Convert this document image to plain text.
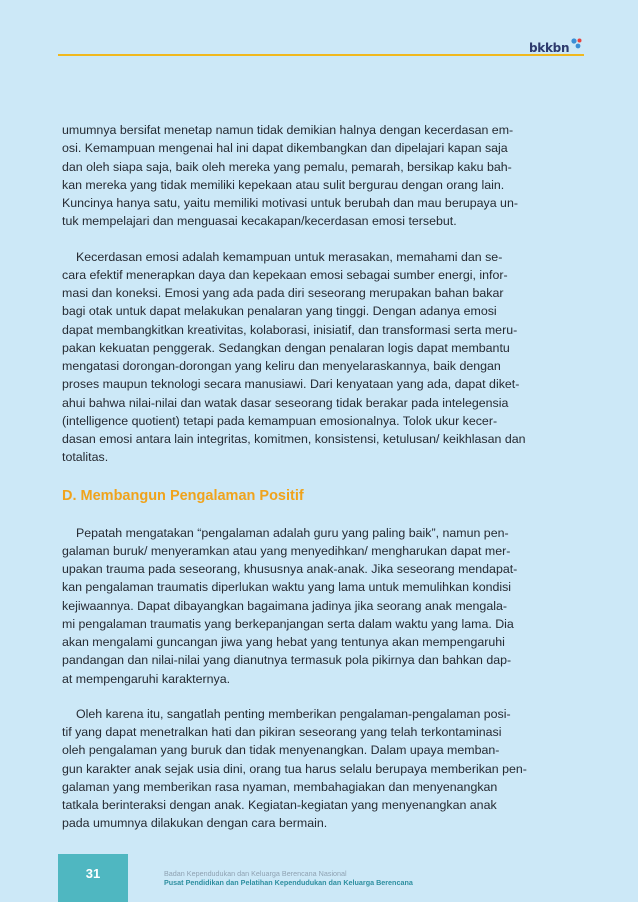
bkkbn

umumnya bersifat menetap namun tidak demikian halnya dengan kecerdasan em-
osi. Kemampuan mengenai hal ini dapat dikembangkan dan dipelajari kapan saja
dan oleh siapa saja, baik oleh mereka yang pemalu, pemarah, bersikap kaku bah-
kan mereka yang tidak memiliki kepekaan atau sulit bergurau dengan orang lain.
Kuncinya hanya satu, yaitu memiliki motivasi untuk berubah dan mau berupaya un-
tuk mempelajari dan menguasai kecakapan/kecerdasan emosi tersebut.

Kecerdasan emosi adalah kemampuan untuk merasakan, memahami dan se-
cara efektif menerapkan daya dan kepekaan emosi sebagai sumber energi, infor-
masi dan koneksi. Emosi yang ada pada diri seseorang merupakan bahan bakar
bagi otak untuk dapat melakukan penalaran yang tinggi. Dengan adanya emosi
dapat membangkitkan kreativitas, kolaborasi, inisiatif, dan transformasi serta meru-
pakan kekuatan penggerak. Sedangkan dengan penalaran logis dapat membantu
mengatasi dorongan-dorongan yang keliru dan menyelaraskannya, baik dengan
proses maupun teknologi secara manusiawi. Dari kenyataan yang ada, dapat diket-
ahui bahwa nilai-nilai dan watak dasar seseorang tidak berakar pada intelegensia
(intelligence quotient) tetapi pada kemampuan emosionalnya. Tolok ukur kecer-
dasan emosi antara lain integritas, komitmen, konsistensi, ketulusan/ keikhlasan dan
totalitas.

D. Membangun Pengalaman Positif

Pepatah mengatakan “pengalaman adalah guru yang paling baik”, namun pen-
galaman buruk/ menyeramkan atau yang menyedihkan/ mengharukan dapat mer-
upakan trauma pada seseorang, khususnya anak-anak. Jika seseorang mendapat-
kan pengalaman traumatis diperlukan waktu yang lama untuk memulihkan kondisi
kejiwaannya. Dapat dibayangkan bagaimana jadinya jika seorang anak mengala-
mi pengalaman traumatis yang berkepanjangan serta dalam waktu yang lama. Dia
akan mengalami guncangan jiwa yang hebat yang tentunya akan mempengaruhi
pandangan dan nilai-nilai yang dianutnya termasuk pola pikirnya dan bahkan dap-
at mempengaruhi karakternya.

Oleh karena itu, sangatlah penting memberikan pengalaman-pengalaman posi-
tif yang dapat menetralkan hati dan pikiran seseorang yang telah terkontaminasi
oleh pengalaman yang buruk dan tidak menyenangkan. Dalam upaya memban-
gun karakter anak sejak usia dini, orang tua harus selalu berupaya memberikan pen-
galaman yang memberikan rasa nyaman, membahagiakan dan menyenangkan
tatkala berinteraksi dengan anak. Kegiatan-kegiatan yang menyenangkan anak
pada umumnya dilakukan dengan cara bermain.

31	Badan Kependudukan dan Keluarga Berencana Nasional
Pusat Pendidikan dan Pelatihan Kependudukan dan Keluarga Berencana
